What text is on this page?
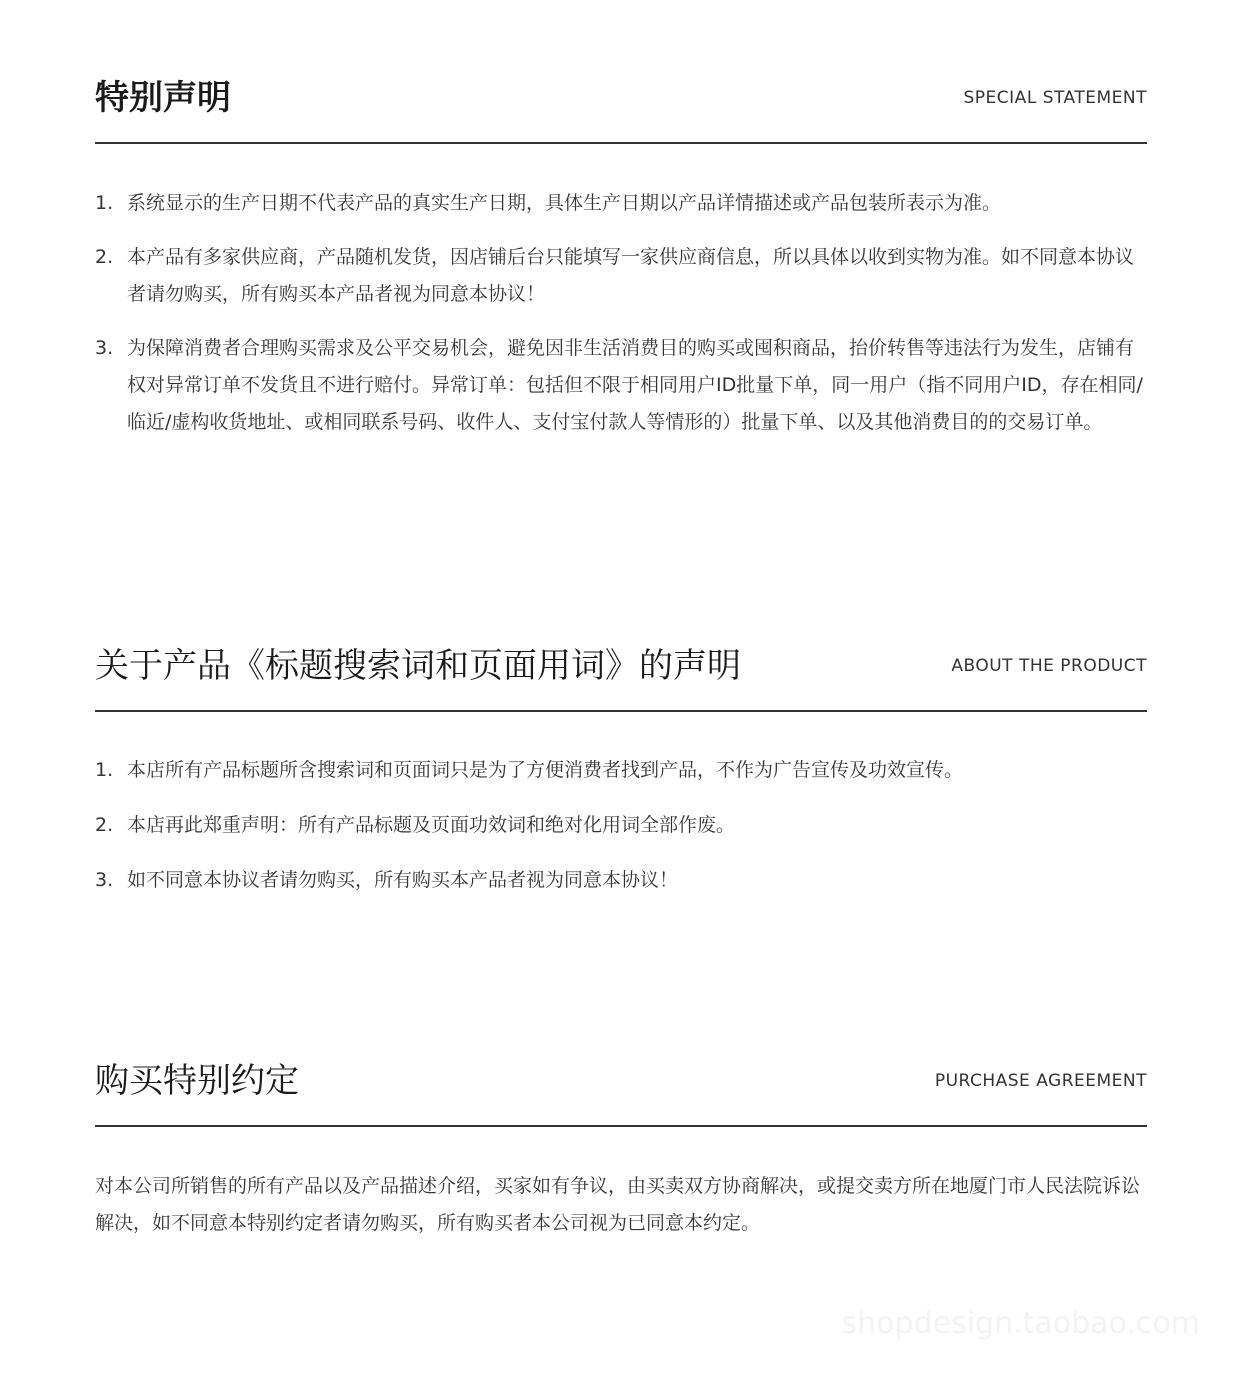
特别声明	SPECIAL STATEMENT
1. 系统显示的生产日期不代表产品的真实生产日期，具体生产日期以产品详情描述或产品包装所表示为准。
2. 本产品有多家供应商，产品随机发货，因店铺后台只能填写一家供应商信息，所以具体以收到实物为准。如不同意本协议者请勿购买，所有购买本产品者视为同意本协议！
3. 为保障消费者合理购买需求及公平交易机会，避免因非生活消费目的购买或囤积商品，抬价转售等违法行为发生，店铺有权对异常订单不发货且不进行赔付。异常订单：包括但不限于相同用户ID批量下单，同一用户（指不同用户ID，存在相同/临近/虚构收货地址、或相同联系号码、收件人、支付宝付款人等情形的）批量下单、以及其他消费目的的交易订单。
关于产品《标题搜索词和页面用词》的声明	ABOUT THE PRODUCT
1. 本店所有产品标题所含搜索词和页面词只是为了方便消费者找到产品，不作为广告宣传及功效宣传。
2. 本店再此郑重声明：所有产品标题及页面功效词和绝对化用词全部作废。
3. 如不同意本协议者请勿购买，所有购买本产品者视为同意本协议！
购买特别约定	PURCHASE AGREEMENT

对本公司所销售的所有产品以及产品描述介绍，买家如有争议，由买卖双方协商解决，或提交卖方所在地厦门市人民法院诉讼解决，如不同意本特别约定者请勿购买，所有购买者本公司视为已同意本约定。

shopdesign.taobao.com
